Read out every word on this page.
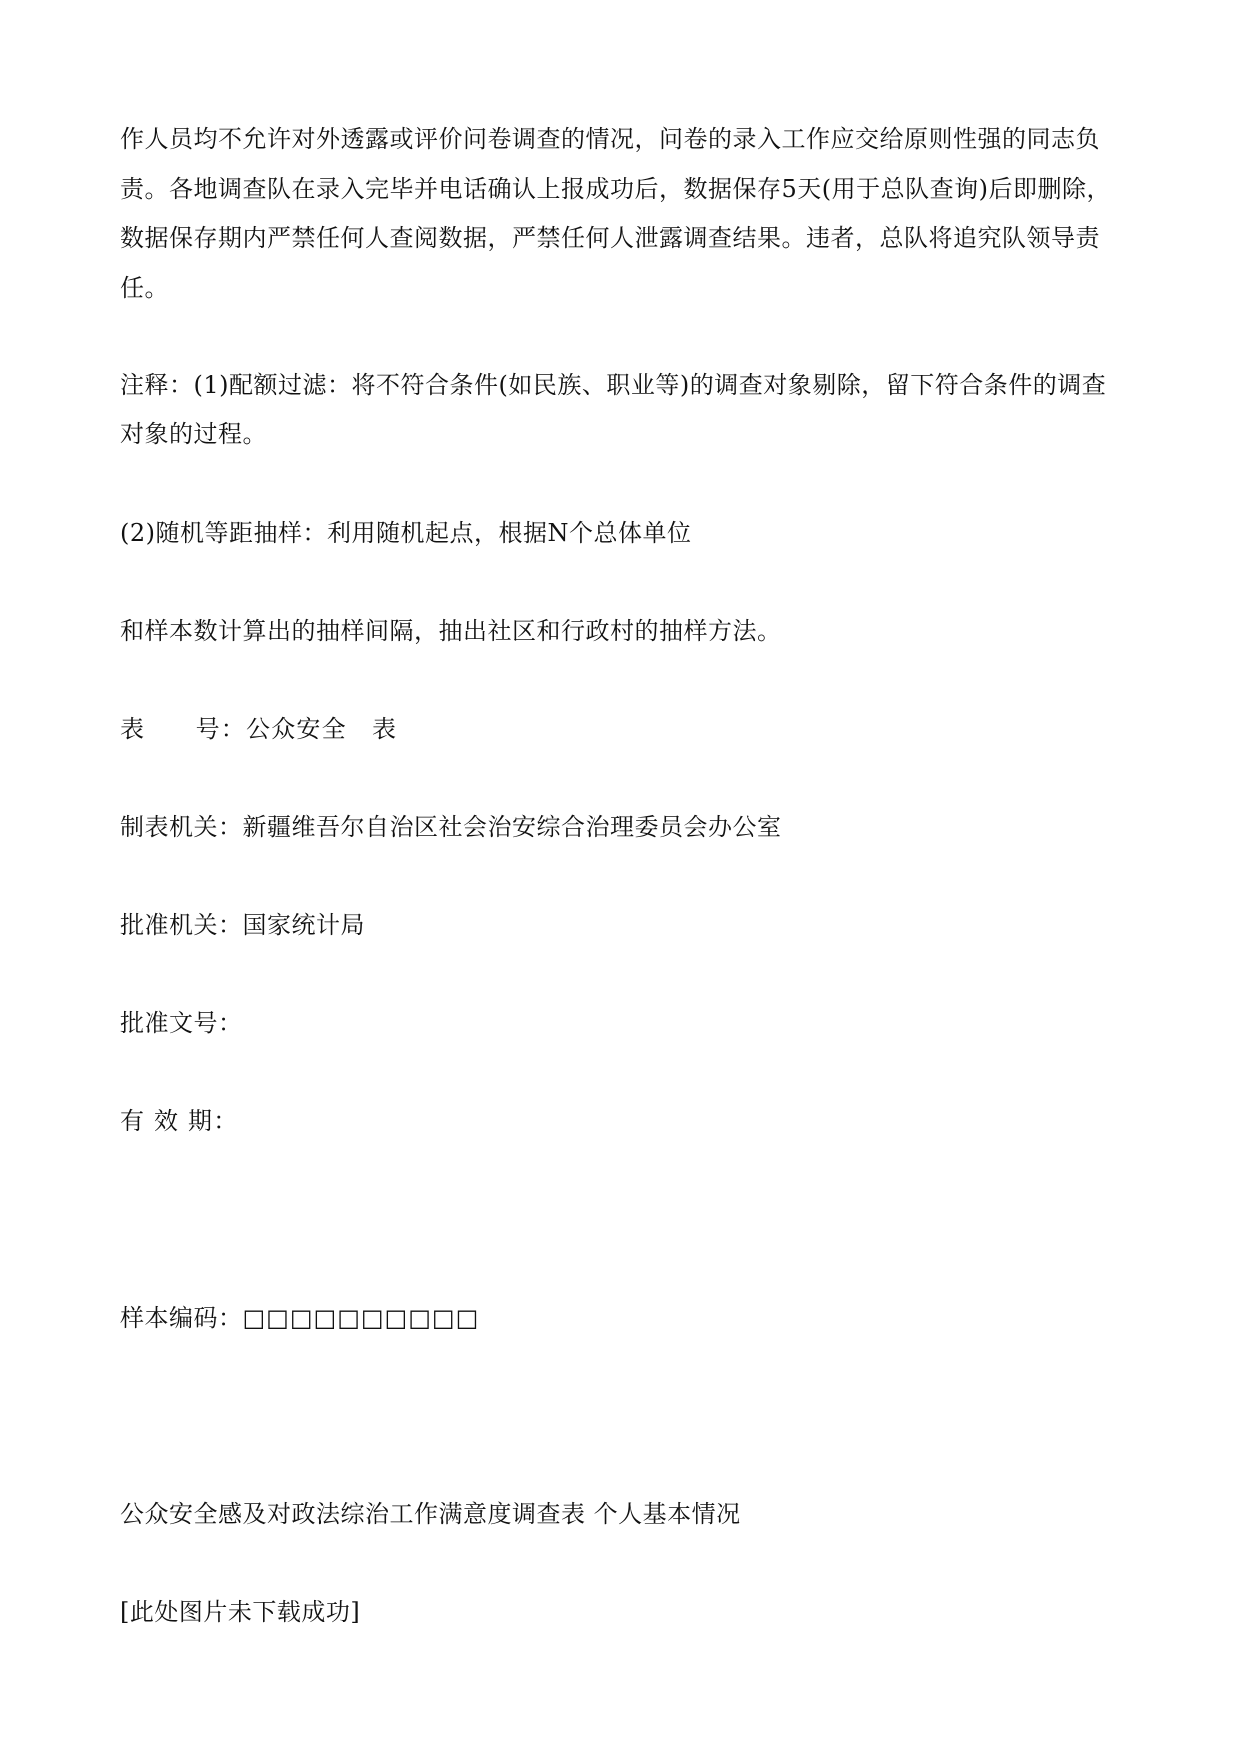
作人员均不允许对外透露或评价问卷调查的情况，问卷的录入工作应交给原则性强的同志负
责。各地调查队在录入完毕并电话确认上报成功后，数据保存5天(用于总队查询)后即删除，
数据保存期内严禁任何人查阅数据，严禁任何人泄露调查结果。违者，总队将追究队领导责
任。
注释：(1)配额过滤：将不符合条件(如民族、职业等)的调查对象剔除，留下符合条件的调查
对象的过程。
(2)随机等距抽样：利用随机起点，根据N个总体单位
和样本数计算出的抽样间隔，抽出社区和行政村的抽样方法。
表　　号：公众安全　表
制表机关：新疆维吾尔自治区社会治安综合治理委员会办公室
批准机关：国家统计局
批准文号：
有 效 期：
样本编码：□□□□□□□□□□
公众安全感及对政法综治工作满意度调查表 个人基本情况
[此处图片未下载成功]
